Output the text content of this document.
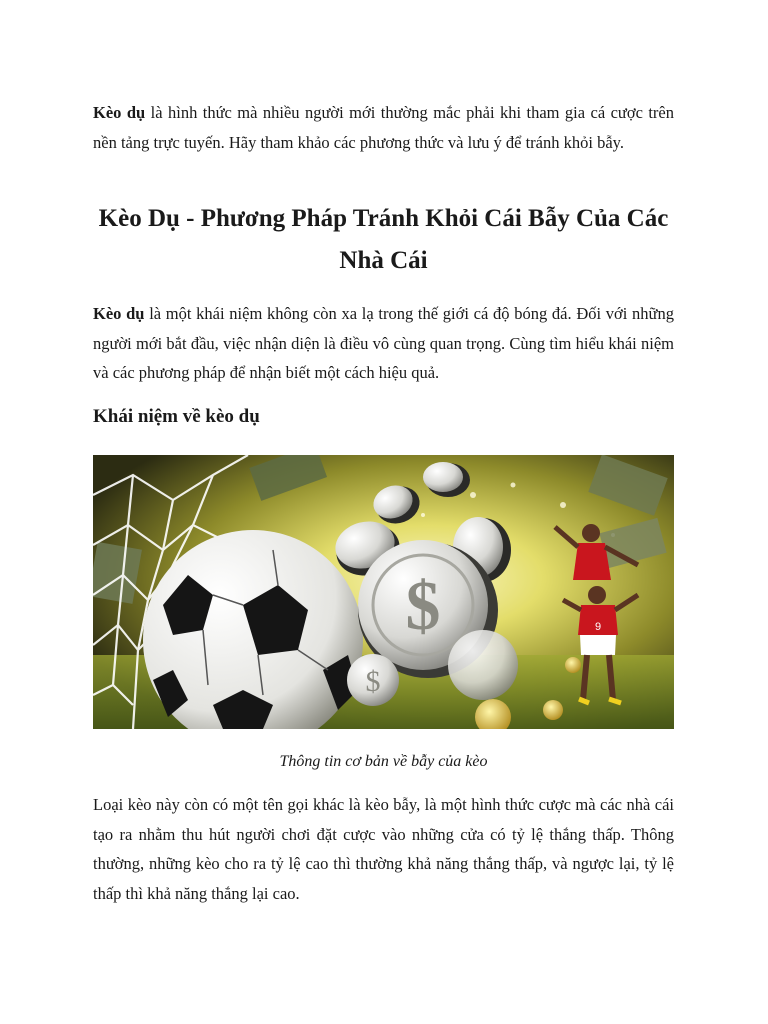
Kèo dụ là hình thức mà nhiều người mới thường mắc phải khi tham gia cá cược trên nền tảng trực tuyến. Hãy tham khảo các phương thức và lưu ý để tránh khỏi bẫy.

Kèo Dụ - Phương Pháp Tránh Khỏi Cái Bẫy Của Các Nhà Cái

Kèo dụ là một khái niệm không còn xa lạ trong thế giới cá độ bóng đá. Đối với những người mới bắt đầu, việc nhận diện là điều vô cùng quan trọng. Cùng tìm hiểu khái niệm và các phương pháp để nhận biết một cách hiệu quả.

Khái niệm về kèo dụ
$
$
9

Thông tin cơ bản về bẫy của kèo

Loại kèo này còn có một tên gọi khác là kèo bẫy, là một hình thức cược mà các nhà cái tạo ra nhằm thu hút người chơi đặt cược vào những cửa có tỷ lệ thắng thấp. Thông thường, những kèo cho ra tỷ lệ cao thì thường khả năng thắng thấp, và ngược lại, tỷ lệ thấp thì khả năng thắng lại cao.
